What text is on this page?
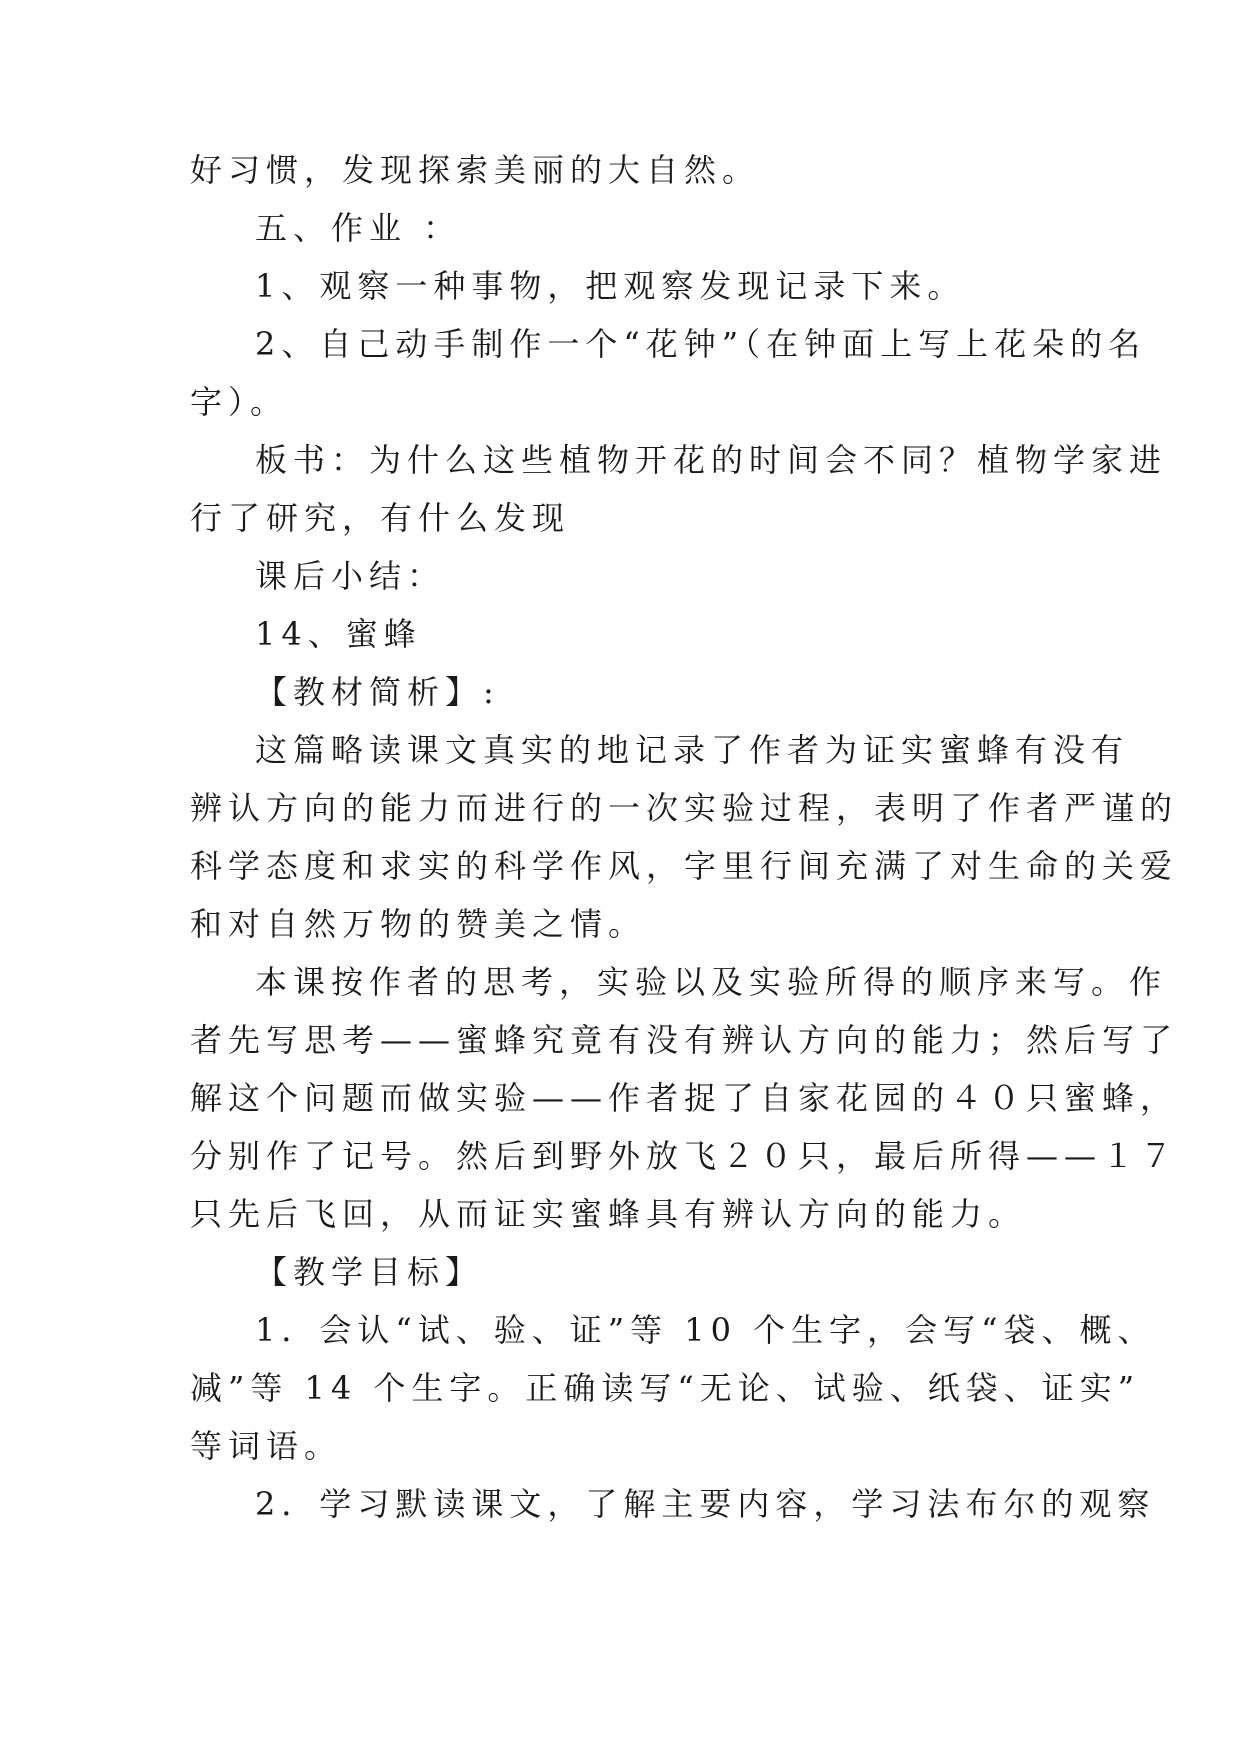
好习惯，发现探索美丽的大自然。
五、作业 ：
1、观察一种事物，把观察发现记录下来。
2、自己动手制作一个“花钟”（在钟面上写上花朵的名
字）。
板书：为什么这些植物开花的时间会不同？植物学家进
行了研究，有什么发现
课后小结：
14、蜜蜂
【教材简析】:
这篇略读课文真实的地记录了作者为证实蜜蜂有没有
辨认方向的能力而进行的一次实验过程，表明了作者严谨的
科学态度和求实的科学作风，字里行间充满了对生命的关爱
和对自然万物的赞美之情。
本课按作者的思考，实验以及实验所得的顺序来写。作
者先写思考——蜜蜂究竟有没有辨认方向的能力；然后写了
解这个问题而做实验——作者捉了自家花园的４０只蜜蜂，
分别作了记号。然后到野外放飞２０只，最后所得——１７
只先后飞回，从而证实蜜蜂具有辨认方向的能力。
【教学目标】
1．会认“试、验、证”等 10 个生字，会写“袋、概、
减”等 14 个生字。正确读写“无论、试验、纸袋、证实”
等词语。
2．学习默读课文，了解主要内容，学习法布尔的观察
